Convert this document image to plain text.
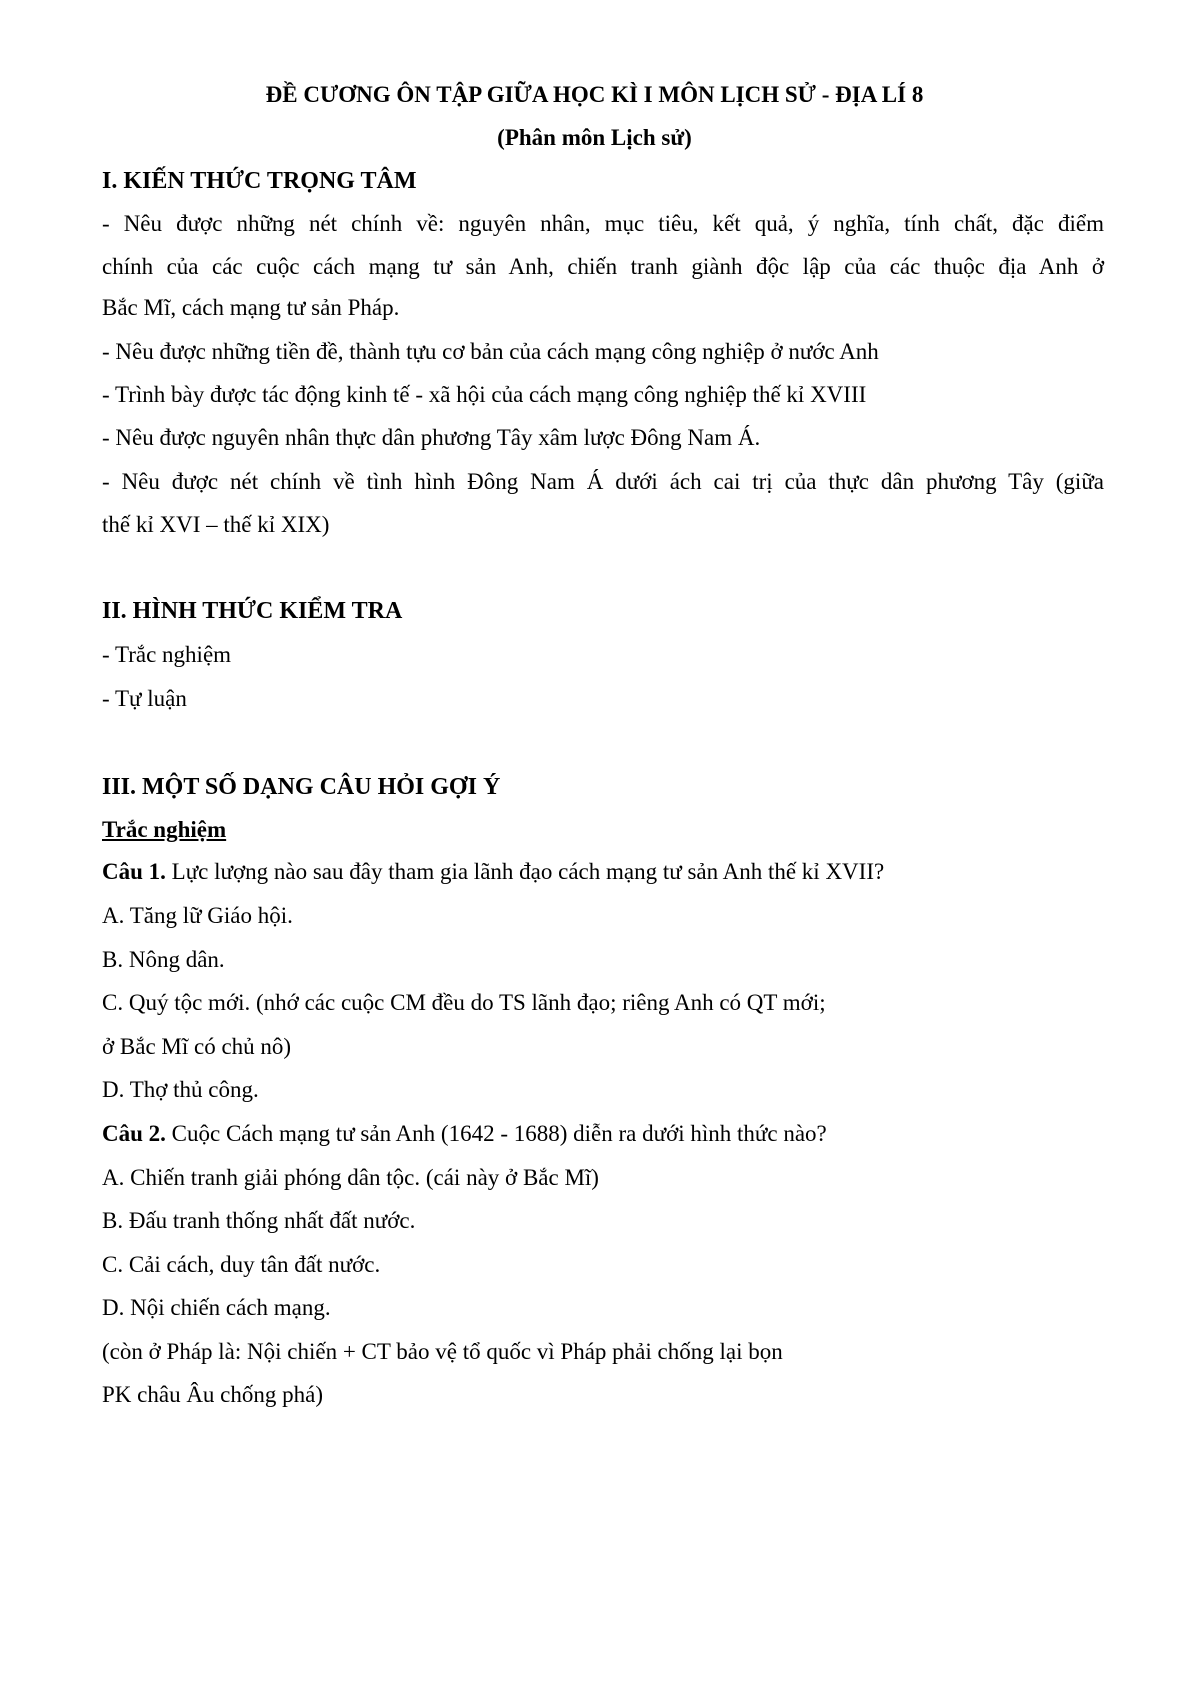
ĐỀ CƯƠNG ÔN TẬP GIỮA HỌC KÌ I MÔN LỊCH SỬ - ĐỊA LÍ 8
(Phân môn Lịch sử)
I. KIẾN THỨC TRỌNG TÂM
- Nêu được những nét chính về: nguyên nhân, mục tiêu, kết quả, ý nghĩa, tính chất, đặc điểm
chính của các cuộc cách mạng tư sản Anh, chiến tranh giành độc lập của các thuộc địa Anh ở
Bắc Mĩ, cách mạng tư sản Pháp.
- Nêu được những tiền đề, thành tựu cơ bản của cách mạng công nghiệp ở nước Anh
- Trình bày được tác động kinh tế - xã hội của cách mạng công nghiệp thế kỉ XVIII
- Nêu được nguyên nhân thực dân phương Tây xâm lược Đông Nam Á.
- Nêu được nét chính về tình hình Đông Nam Á dưới ách cai trị của thực dân phương Tây (giữa
thế kỉ XVI – thế kỉ XIX)
II. HÌNH THỨC KIỂM TRA
- Trắc nghiệm
- Tự luận
III. MỘT SỐ DẠNG CÂU HỎI GỢI Ý
Trắc nghiệm
Câu 1. Lực lượng nào sau đây tham gia lãnh đạo cách mạng tư sản Anh thế kỉ XVII?
A. Tăng lữ Giáo hội.
B. Nông dân.
C. Quý tộc mới. (nhớ các cuộc CM đều do TS lãnh đạo; riêng Anh có QT mới;
ở Bắc Mĩ có chủ nô)
D. Thợ thủ công.
Câu 2. Cuộc Cách mạng tư sản Anh (1642 - 1688) diễn ra dưới hình thức nào?
A. Chiến tranh giải phóng dân tộc. (cái này ở Bắc Mĩ)
B. Đấu tranh thống nhất đất nước.
C. Cải cách, duy tân đất nước.
D. Nội chiến cách mạng.
(còn ở Pháp là: Nội chiến + CT bảo vệ tổ quốc vì Pháp phải chống lại bọn
PK châu Âu chống phá)
